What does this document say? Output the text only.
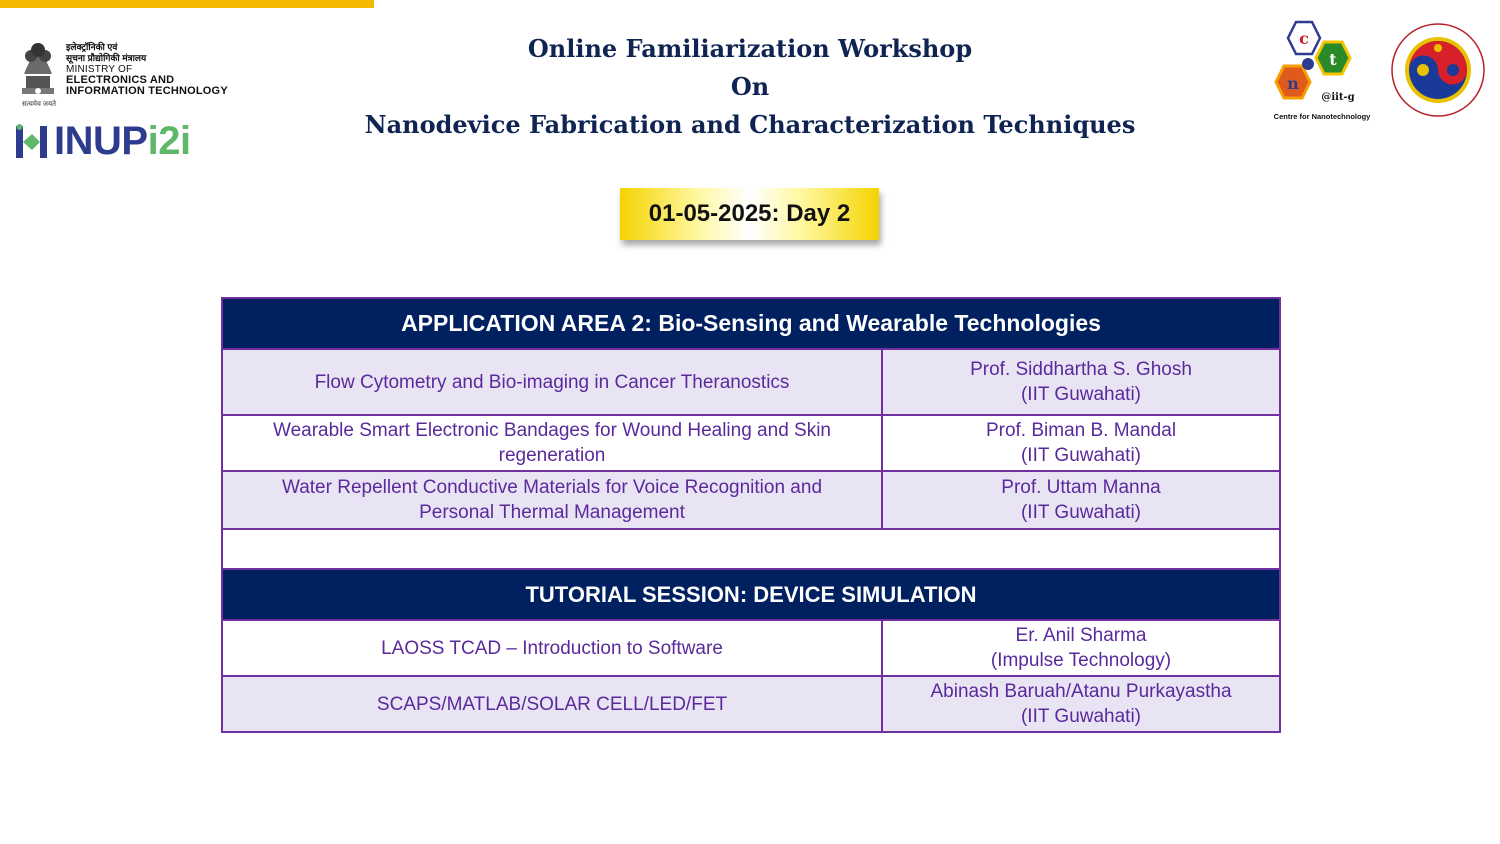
सत्यमेव जयते
इलेक्ट्रॉनिकी एवं
सूचना प्रौद्योगिकी मंत्रालय
MINISTRY OF
ELECTRONICS AND
INFORMATION TECHNOLOGY
INUPi2i
Online Familiarization Workshop
On
Nanodevice Fabrication and Characterization Techniques
c
t
n
@iit-g
Centre for Nanotechnology
01-05-2025: Day 2
APPLICATION AREA 2: Bio-Sensing and Wearable Technologies	
Flow Cytometry and Bio-imaging in Cancer Theranostics	Prof. Siddhartha S. Ghosh
(IIT Guwahati)

Wearable Smart Electronic Bandages for Wound Healing and Skin regeneration	Prof. Biman B. Mandal
(IIT Guwahati)

Water Repellent Conductive Materials for Voice Recognition and Personal Thermal Management	Prof. Uttam Manna
(IIT Guwahati)

TUTORIAL SESSION: DEVICE SIMULATION	
LAOSS TCAD – Introduction to Software	Er. Anil Sharma
(Impulse Technology)

SCAPS/MATLAB/SOLAR CELL/LED/FET	Abinash Baruah/Atanu Purkayastha
(IIT Guwahati)
